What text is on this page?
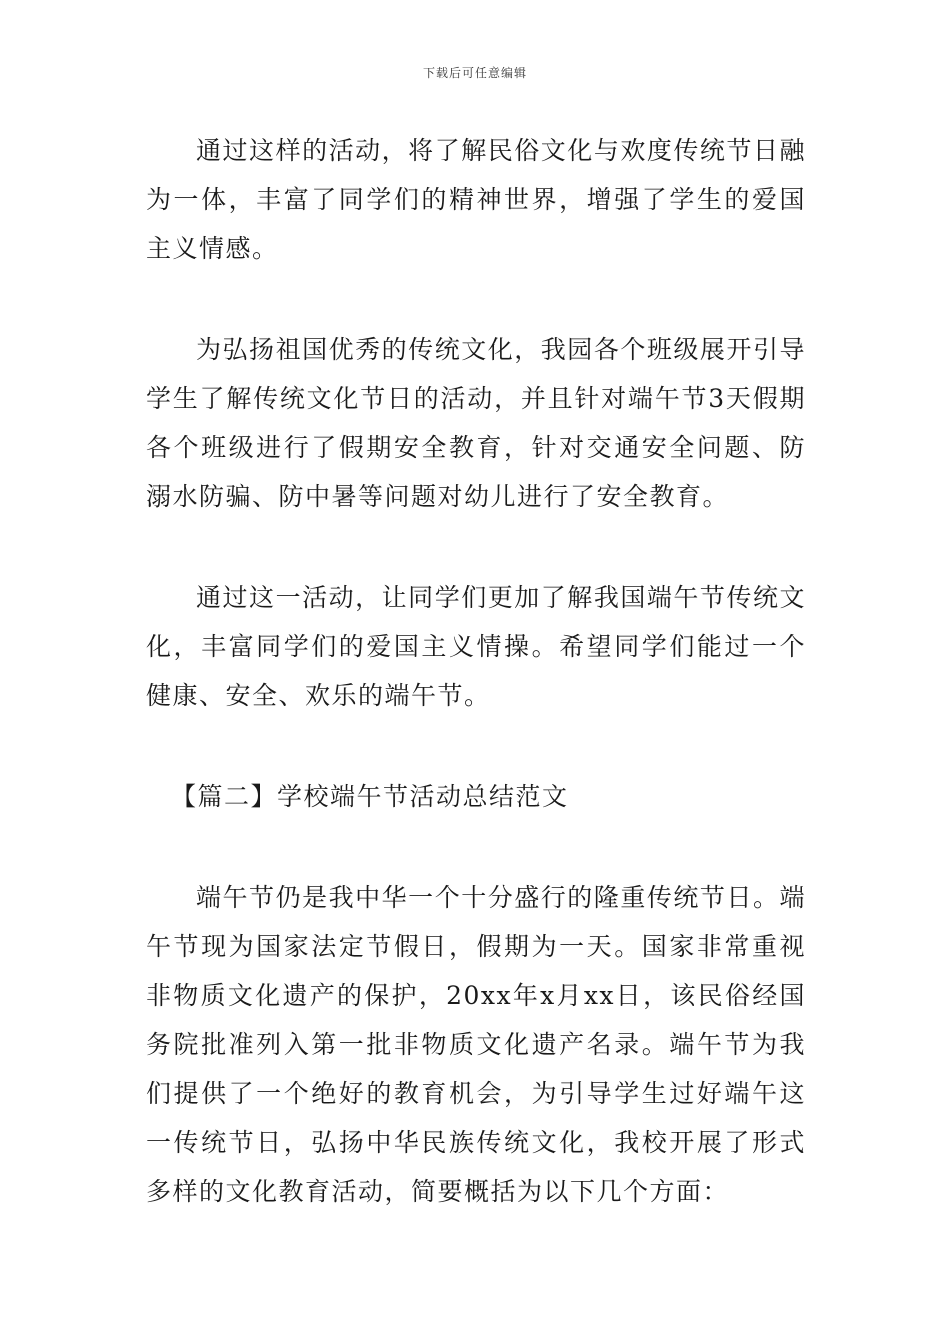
下载后可任意编辑

通过这样的活动，将了解民俗文化与欢度传统节日融为一体，丰富了同学们的精神世界，增强了学生的爱国主义情感。

为弘扬祖国优秀的传统文化，我园各个班级展开引导学生了解传统文化节日的活动，并且针对端午节3天假期各个班级进行了假期安全教育，针对交通安全问题、防溺水防骗、防中暑等问题对幼儿进行了安全教育。

通过这一活动，让同学们更加了解我国端午节传统文化，丰富同学们的爱国主义情操。希望同学们能过一个健康、安全、欢乐的端午节。

【篇二】学校端午节活动总结范文

端午节仍是我中华一个十分盛行的隆重传统节日。端午节现为国家法定节假日，假期为一天。国家非常重视非物质文化遗产的保护，20xx年x月xx日，该民俗经国务院批准列入第一批非物质文化遗产名录。端午节为我们提供了一个绝好的教育机会，为引导学生过好端午这一传统节日，弘扬中华民族传统文化，我校开展了形式多样的文化教育活动，简要概括为以下几个方面：
